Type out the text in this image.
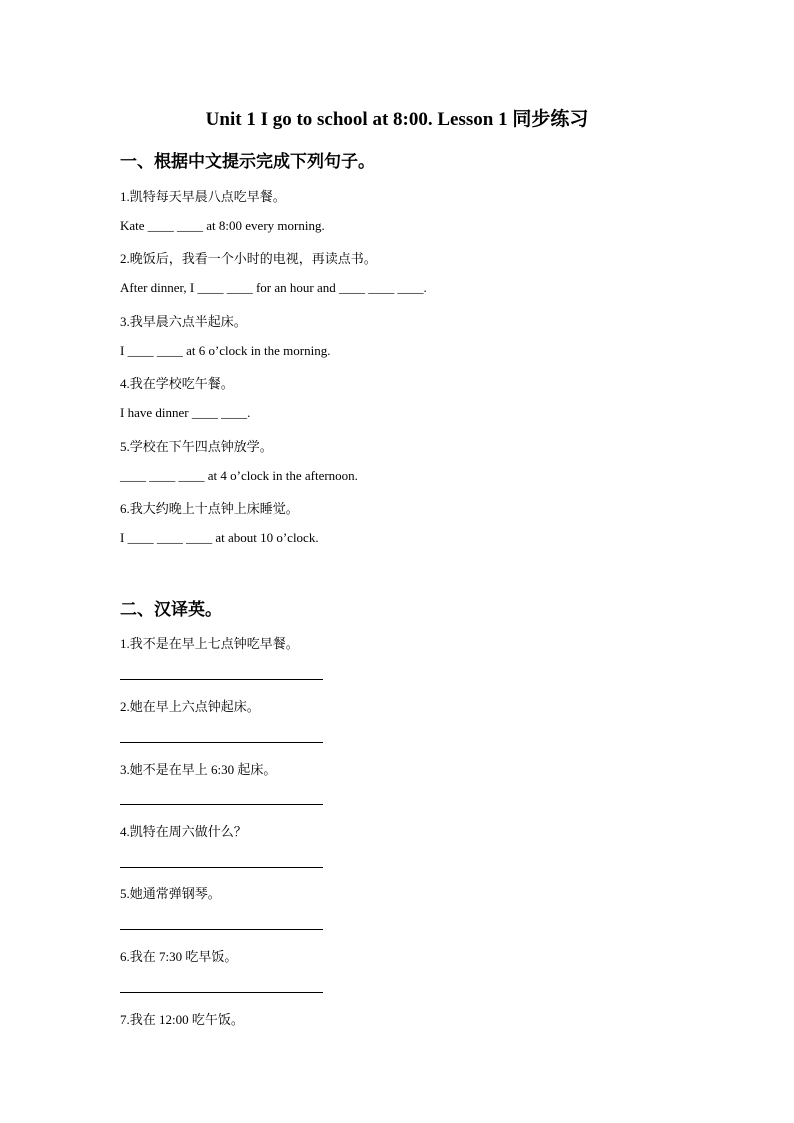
Unit 1 I go to school at 8:00. Lesson 1 同步练习
一、根据中文提示完成下列句子。
1.凯特每天早晨八点吃早餐。
Kate ____ ____ at 8:00 every morning.
2.晚饭后，我看一个小时的电视，再读点书。
After dinner, I ____ ____ for an hour and ____ ____ ____.
3.我早晨六点半起床。
I ____ ____ at 6 o’clock in the morning.
4.我在学校吃午餐。
I have dinner ____ ____.
5.学校在下午四点钟放学。
____ ____ ____ at 4 o’clock in the afternoon.
6.我大约晚上十点钟上床睡觉。
I ____ ____ ____ at about 10 o’clock.
二、汉译英。
1.我不是在早上七点钟吃早餐。
2.她在早上六点钟起床。
3.她不是在早上 6:30 起床。
4.凯特在周六做什么？
5.她通常弹钢琴。
6.我在 7:30 吃早饭。
7.我在 12:00 吃午饭。
